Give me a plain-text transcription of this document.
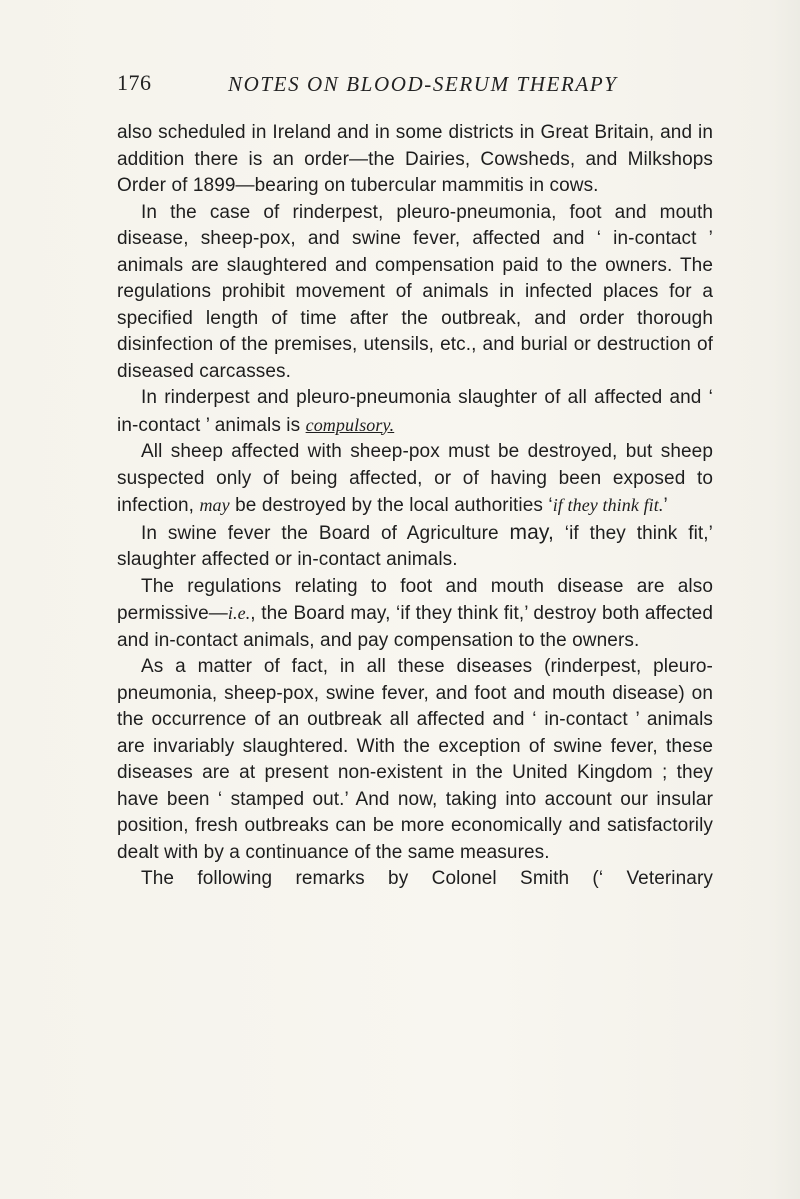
176	NOTES ON BLOOD-SERUM THERAPY

also scheduled in Ireland and in some districts in Great Britain, and in addition there is an order—the Dairies, Cowsheds, and Milkshops Order of 1899—bearing on tubercular mammitis in cows.

In the case of rinderpest, pleuro-pneumonia, foot and mouth disease, sheep-pox, and swine fever, affected and ‘ in-contact ’ animals are slaughtered and compensation paid to the owners. The regulations prohibit movement of animals in infected places for a specified length of time after the outbreak, and order thorough disinfection of the premises, utensils, etc., and burial or destruction of diseased carcasses.

In rinderpest and pleuro-pneumonia slaughter of all affected and ‘ in-contact ’ animals is compulsory.

All sheep affected with sheep-pox must be destroyed, but sheep suspected only of being affected, or of having been exposed to infection, may be destroyed by the local authorities ‘if they think fit.’

In swine fever the Board of Agriculture may, ‘if they think fit,’ slaughter affected or in-contact animals.

The regulations relating to foot and mouth disease are also permissive—i.e., the Board may, ‘if they think fit,’ destroy both affected and in-contact animals, and pay compensation to the owners.

As a matter of fact, in all these diseases (rinderpest, pleuro-pneumonia, sheep-pox, swine fever, and foot and mouth disease) on the occurrence of an outbreak all affected and ‘ in-contact ’ animals are invariably slaughtered. With the exception of swine fever, these diseases are at present non-existent in the United Kingdom ; they have been ‘ stamped out.’ And now, taking into account our insular position, fresh outbreaks can be more economically and satisfactorily dealt with by a continuance of the same measures.

The following remarks by Colonel Smith (‘ Veterinary
